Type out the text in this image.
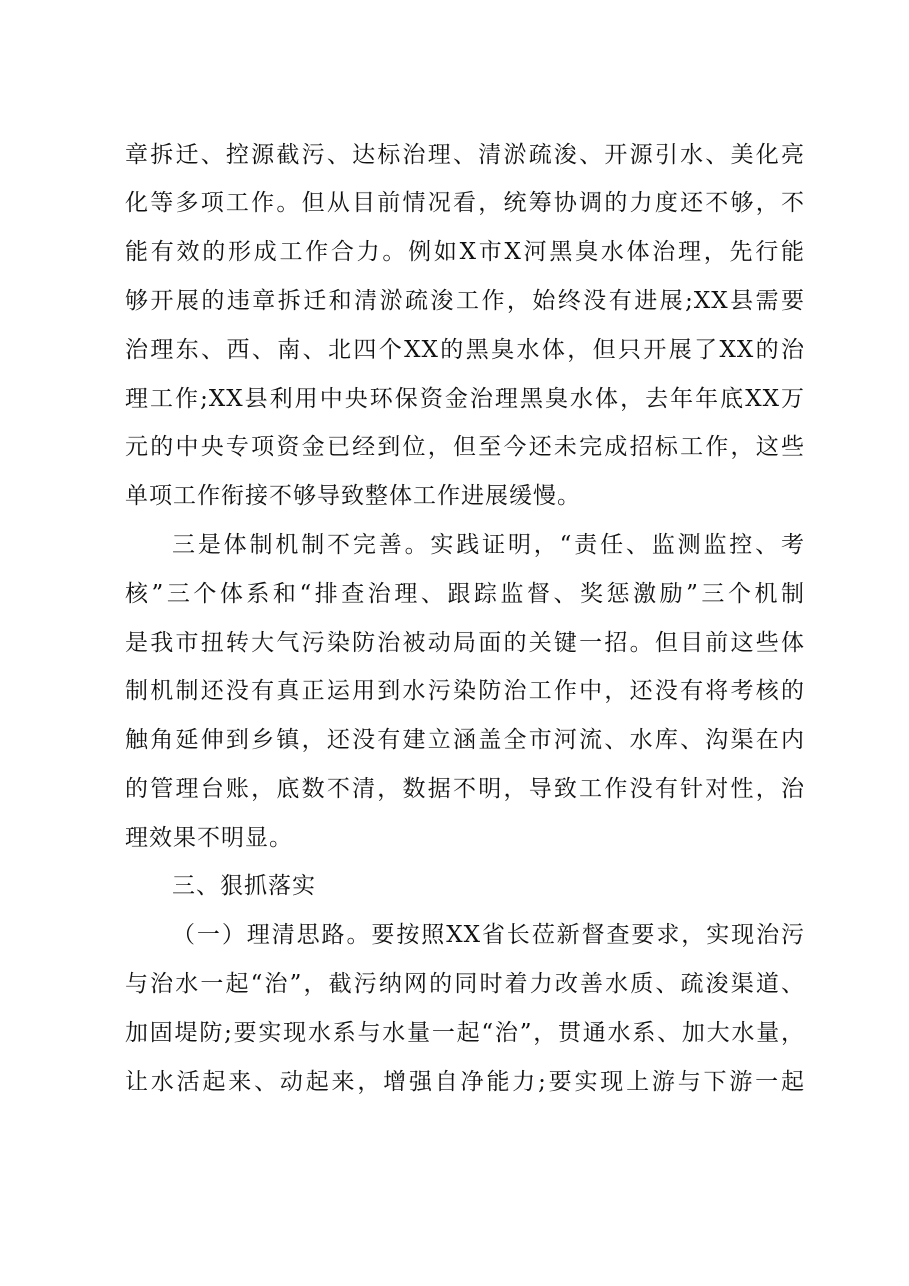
章拆迁、控源截污、达标治理、清淤疏浚、开源引水、美化亮
化等多项工作。但从目前情况看，统筹协调的力度还不够，不
能有效的形成工作合力。例如X市X河黑臭水体治理，先行能
够开展的违章拆迁和清淤疏浚工作，始终没有进展;XX县需要
治理东、西、南、北四个XX的黑臭水体，但只开展了XX的治
理工作;XX县利用中央环保资金治理黑臭水体，去年年底XX万
元的中央专项资金已经到位，但至今还未完成招标工作，这些
单项工作衔接不够导致整体工作进展缓慢。
三是体制机制不完善。实践证明，“责任、监测监控、考
核”三个体系和“排查治理、跟踪监督、奖惩激励”三个机制
是我市扭转大气污染防治被动局面的关键一招。但目前这些体
制机制还没有真正运用到水污染防治工作中，还没有将考核的
触角延伸到乡镇，还没有建立涵盖全市河流、水库、沟渠在内
的管理台账，底数不清，数据不明，导致工作没有针对性，治
理效果不明显。
三、狠抓落实
（一）理清思路。要按照XX省长莅新督查要求，实现治污
与治水一起“治”，截污纳网的同时着力改善水质、疏浚渠道、
加固堤防;要实现水系与水量一起“治”，贯通水系、加大水量，
让水活起来、动起来，增强自净能力;要实现上游与下游一起
